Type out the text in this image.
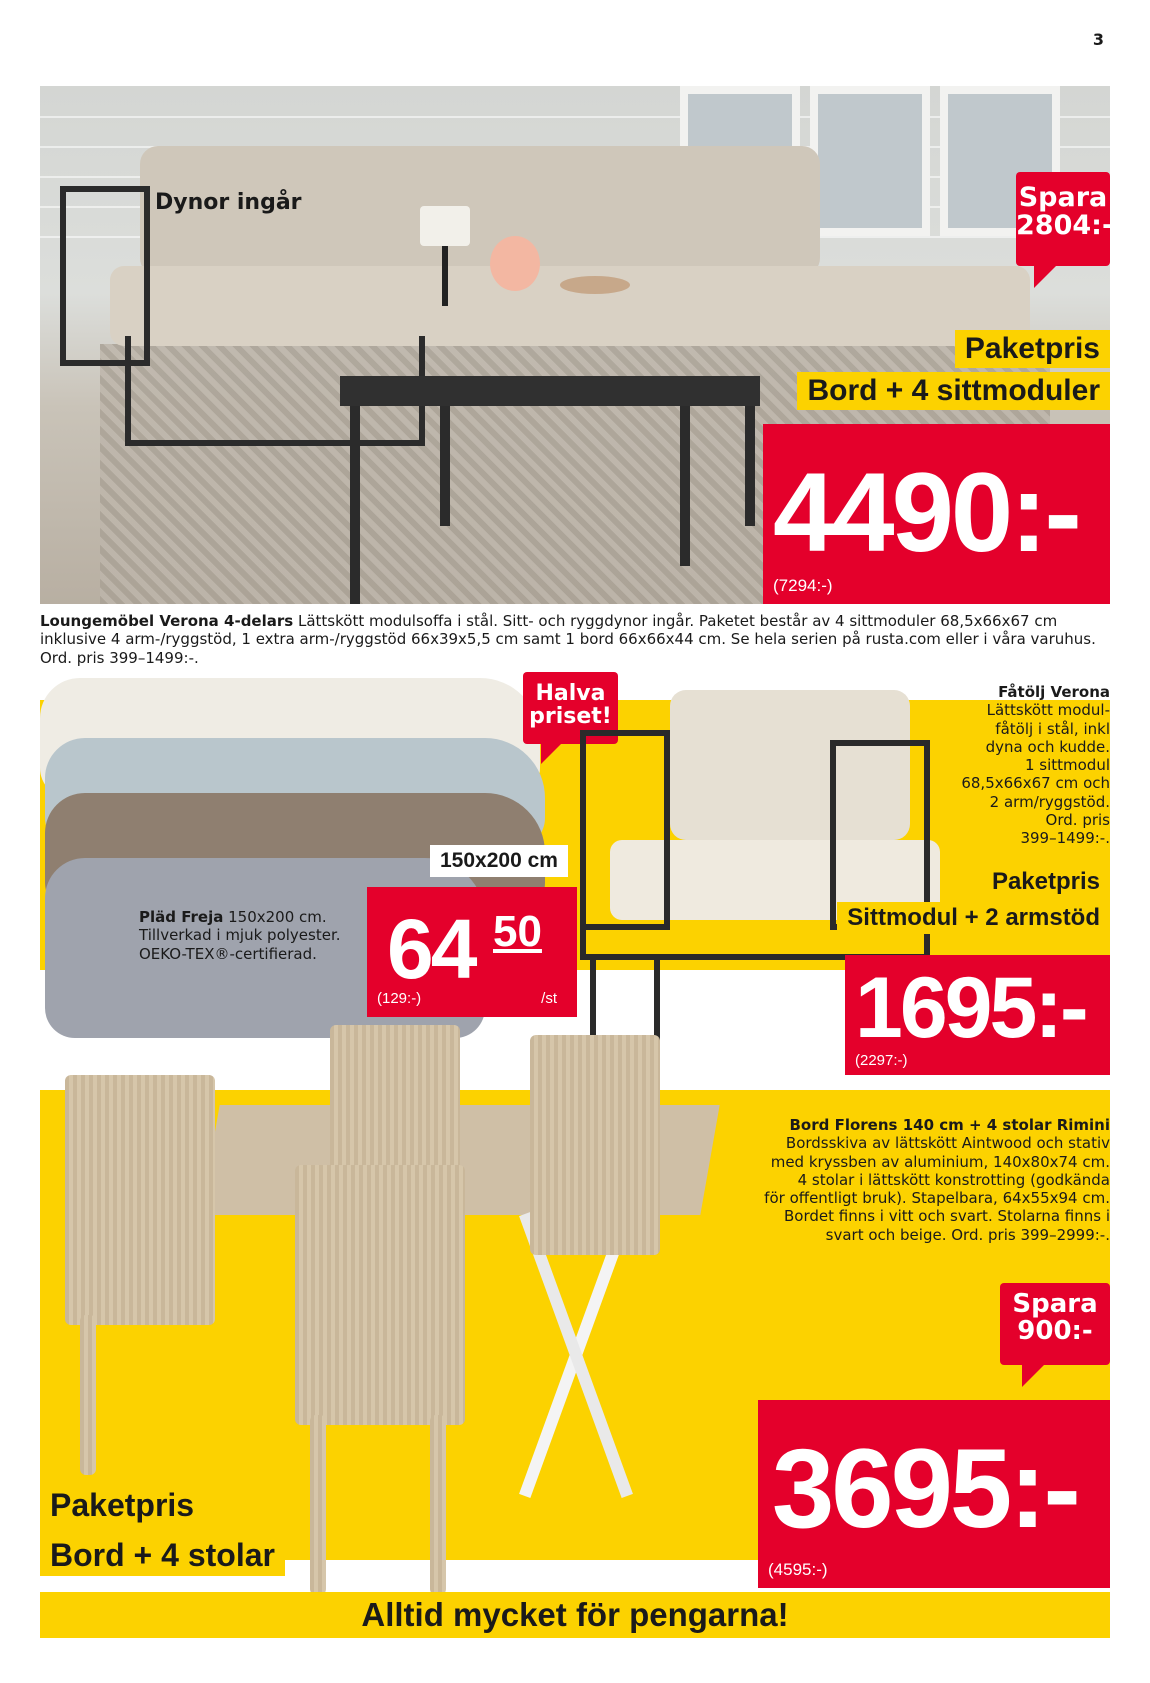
3
Dynor ingår	Spara
2804:-
Paketpris
Bord + 4 sittmoduler
4490:-
(7294:-)
Loungemöbel Verona 4-delars Lättskött modulsoffa i stål. Sitt- och ryggdynor ingår. Paketet består av 4 sittmoduler 68,5x66x67 cm inklusive 4 arm-/ryggstöd, 1 extra arm-/ryggstöd 66x39x5,5 cm samt 1 bord 66x66x44 cm. Se hela serien på rusta.com eller i våra varuhus. Ord. pris 399–1499:-.
Halva
priset!
150x200 cm
Pläd Freja 150x200 cm. Tillverkad i mjuk polyester. OEKO-TEX®-certifierad. 64 50
(129:-)	/st
Fåtölj Verona
Lättskött modul-
fåtölj i stål, inkl
dyna och kudde.
1 sittmodul
68,5x66x67 cm och
2 arm/ryggstöd.
Ord. pris
399–1499:-.
Paketpris
Sittmodul + 2 armstöd
1695:-
(2297:-)
Bord Florens 140 cm + 4 stolar Rimini
Bordsskiva av lättskött Aintwood och stativ
med kryssben av aluminium, 140x80x74 cm.
4 stolar i lättskött konstrotting (godkända
för offentligt bruk). Stapelbara, 64x55x94 cm.
Bordet finns i vitt och svart. Stolarna finns i
svart och beige. Ord. pris 399–2999:-.
Spara
900:-
3695:-
(4595:-)
Paketpris
Bord + 4 stolar
Alltid mycket för pengarna!
